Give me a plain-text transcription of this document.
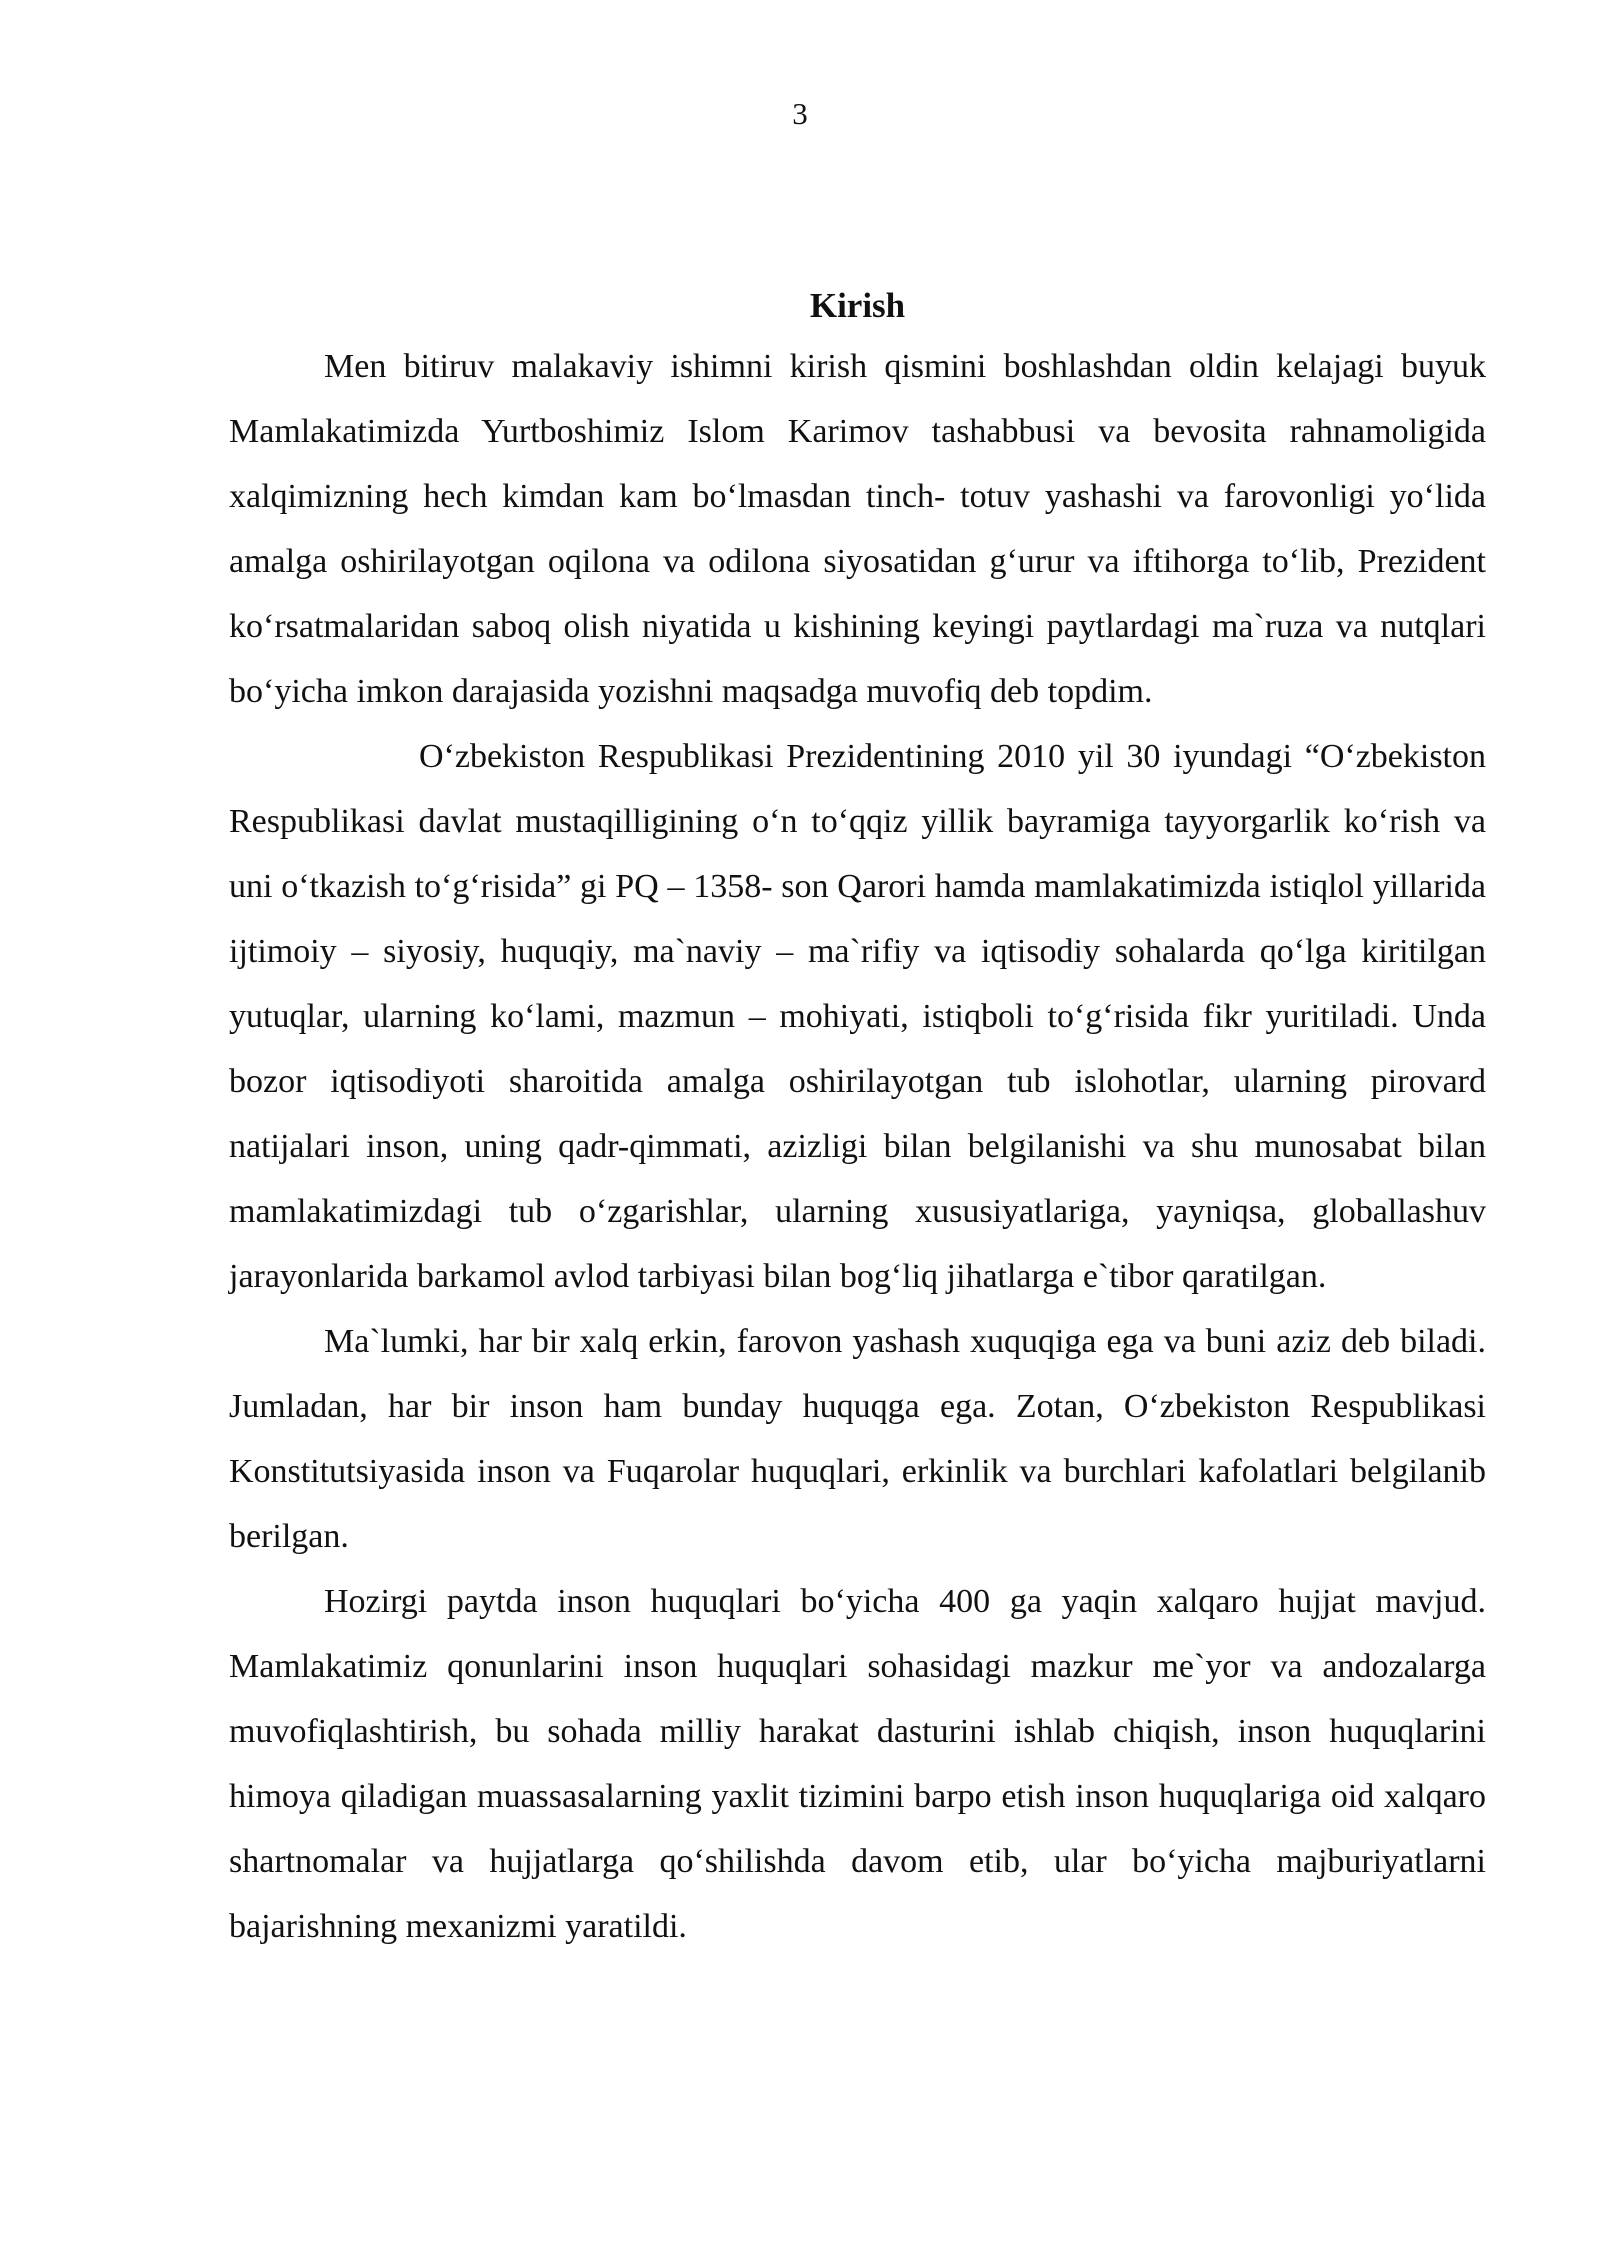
3
Kirish

Men bitiruv malakaviy ishimni kirish qismini boshlashdan oldin kelajagi buyuk Mamlakatimizda Yurtboshimiz Islom Karimov tashabbusi va bevosita rahnamoligida xalqimizning hech kimdan kam bo‘lmasdan tinch- totuv yashashi va farovonligi yo‘lida amalga oshirilayotgan oqilona va odilona siyosatidan g‘urur va iftihorga to‘lib, Prezident ko‘rsatmalaridan saboq olish niyatida u kishining keyingi paytlardagi ma`ruza va nutqlari bo‘yicha imkon darajasida yozishni maqsadga muvofiq deb topdim.

O‘zbekiston Respublikasi Prezidentining 2010 yil 30 iyundagi “O‘zbekiston Respublikasi davlat mustaqilligining o‘n to‘qqiz yillik bayramiga tayyorgarlik ko‘rish va uni o‘tkazish to‘g‘risida” gi PQ – 1358- son Qarori hamda mamlakatimizda istiqlol yillarida ijtimoiy – siyosiy, huquqiy, ma`naviy – ma`rifiy va iqtisodiy sohalarda qo‘lga kiritilgan yutuqlar, ularning ko‘lami, mazmun – mohiyati, istiqboli to‘g‘risida fikr yuritiladi. Unda bozor iqtisodiyoti sharoitida amalga oshirilayotgan tub islohotlar, ularning pirovard natijalari inson, uning qadr-qimmati, azizligi bilan belgilanishi va shu munosabat bilan mamlakatimizdagi tub o‘zgarishlar, ularning xususiyatlariga, yayniqsa, globallashuv jarayonlarida barkamol avlod tarbiyasi bilan bog‘liq jihatlarga e`tibor qaratilgan.

Ma`lumki, har bir xalq erkin, farovon yashash xuquqiga ega va buni aziz deb biladi. Jumladan, har bir inson ham bunday huquqga ega. Zotan, O‘zbekiston Respublikasi Konstitutsiyasida inson va Fuqarolar huquqlari, erkinlik va burchlari kafolatlari belgilanib berilgan.

Hozirgi paytda inson huquqlari bo‘yicha 400 ga yaqin xalqaro hujjat mavjud. Mamlakatimiz qonunlarini inson huquqlari sohasidagi mazkur me`yor va andozalarga muvofiqlashtirish, bu sohada milliy harakat dasturini ishlab chiqish, inson huquqlarini himoya qiladigan muassasalarning yaxlit tizimini barpo etish inson huquqlariga oid xalqaro shartnomalar va hujjatlarga qo‘shilishda davom etib, ular bo‘yicha majburiyatlarni bajarishning mexanizmi yaratildi.
